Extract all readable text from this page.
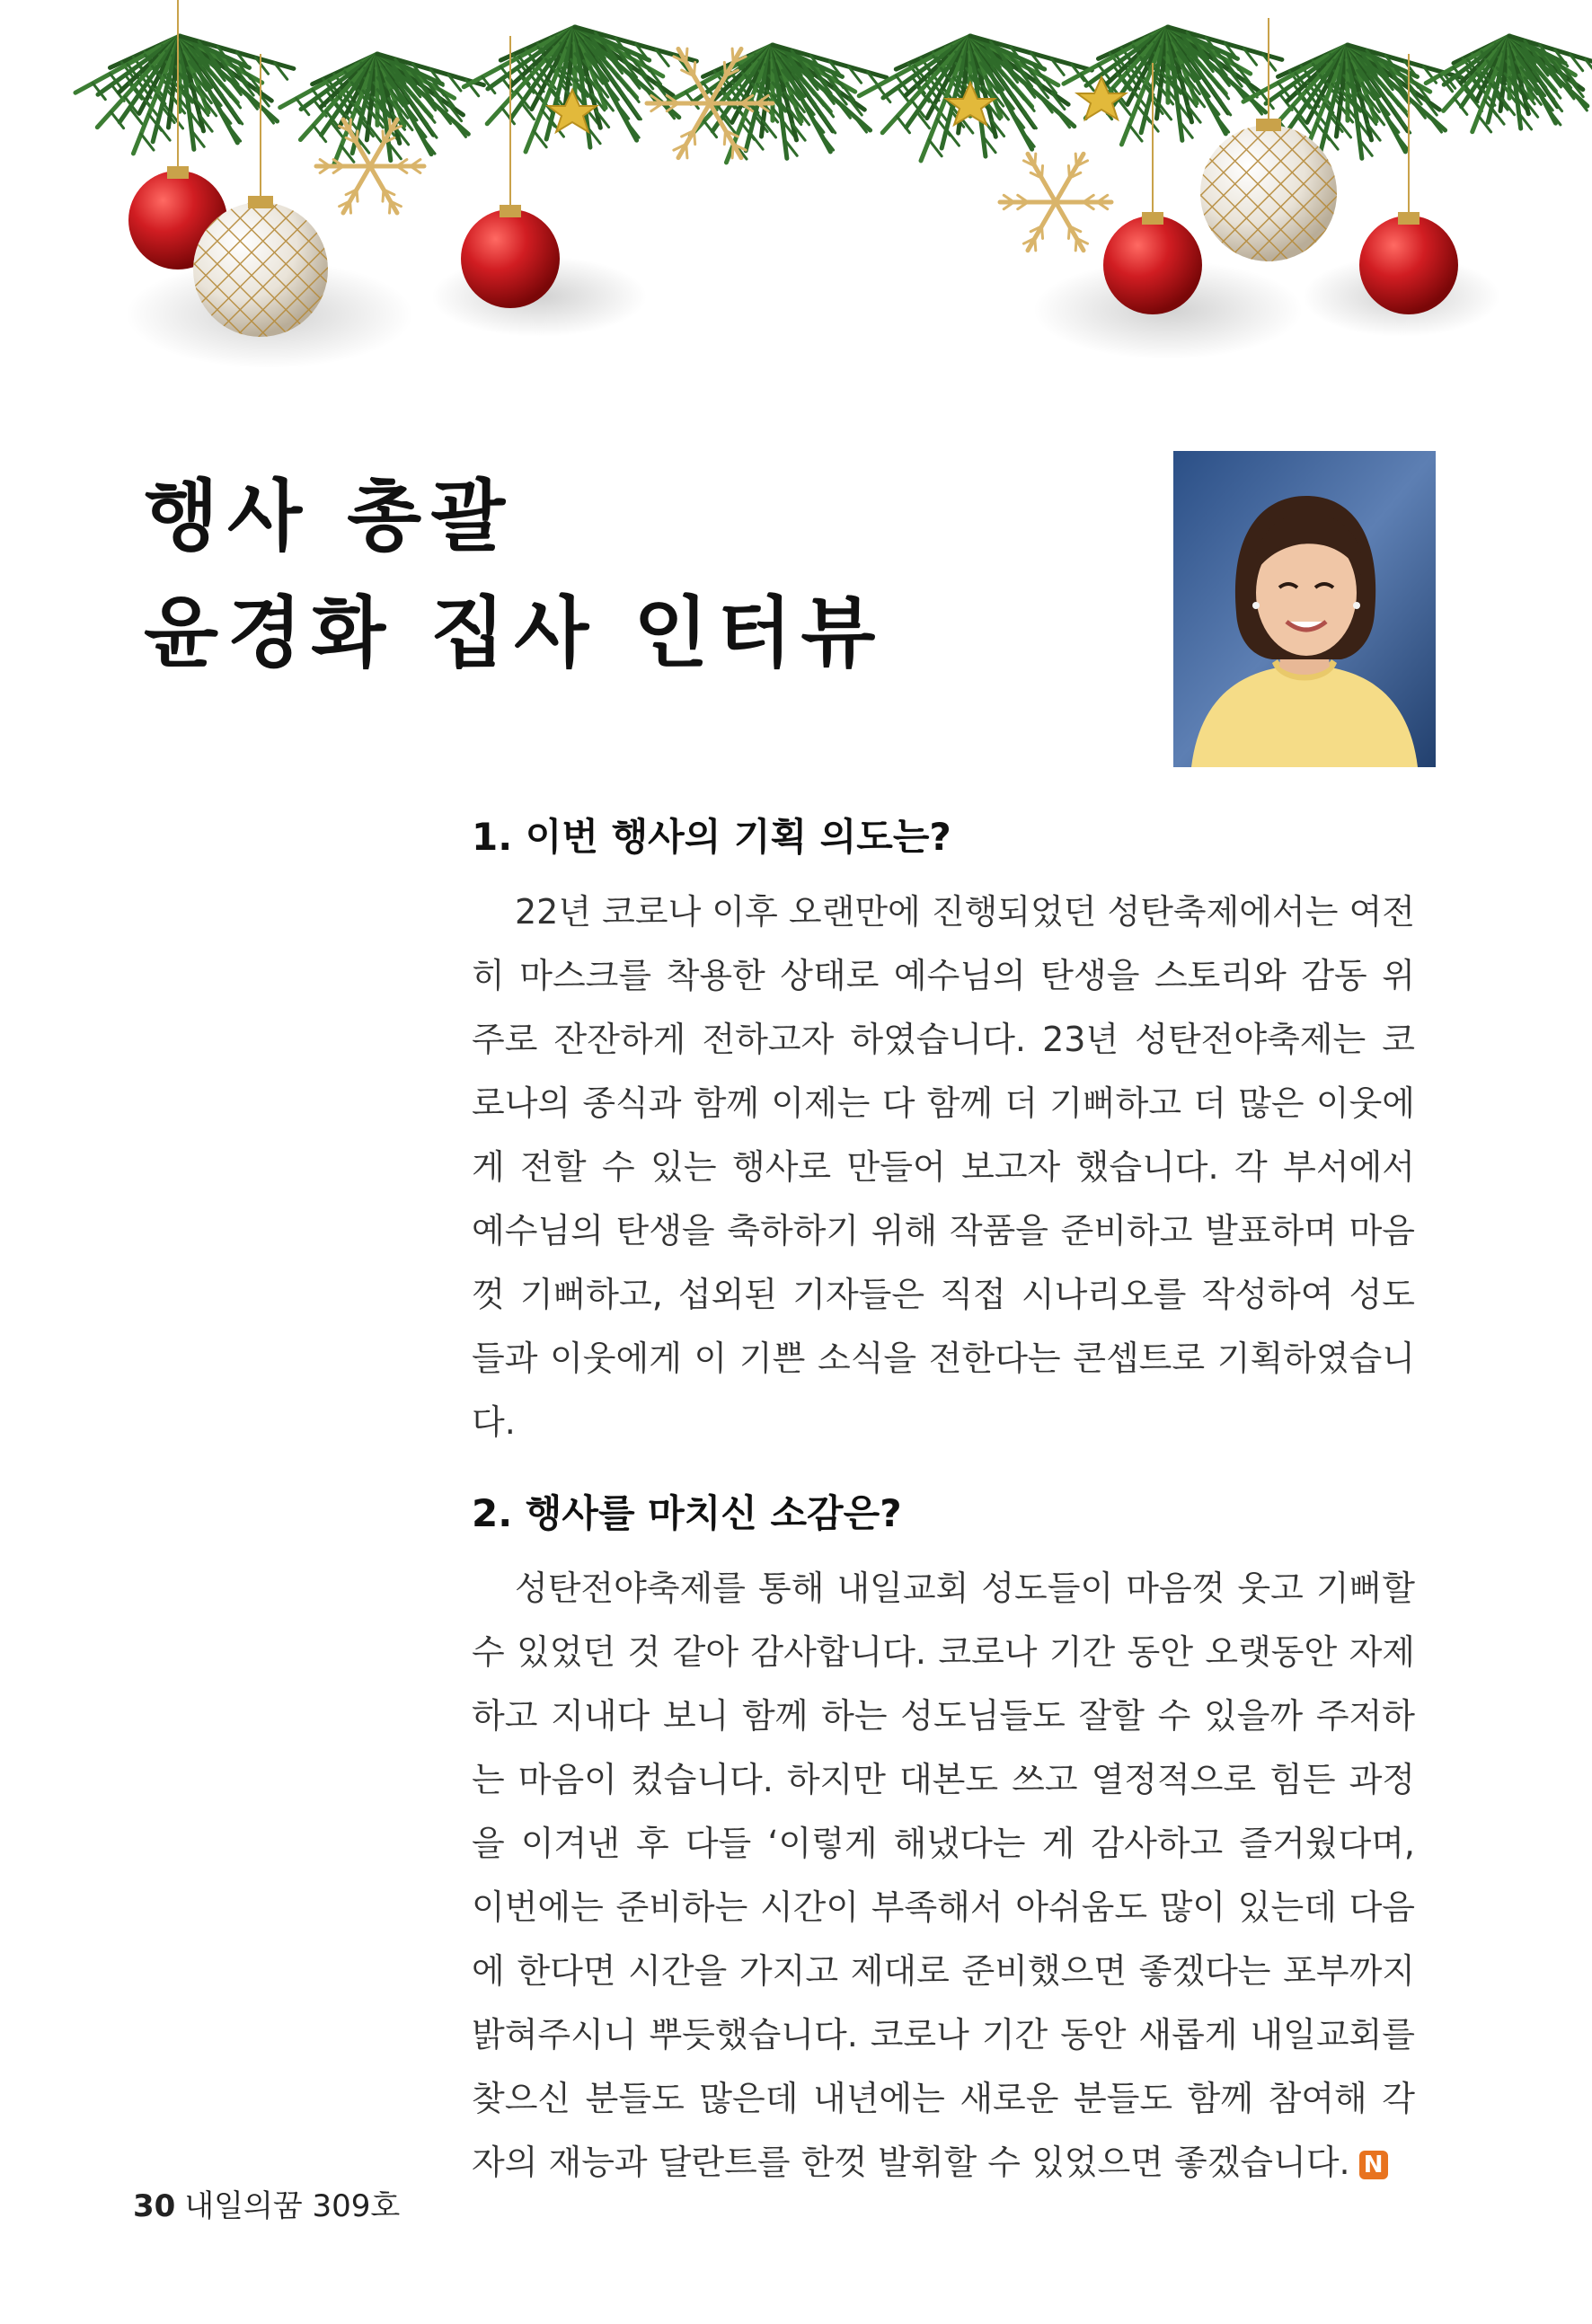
행사 총괄
윤경화 집사 인터뷰
1. 이번 행사의 기획 의도는?

22년 코로나 이후 오랜만에 진행되었던 성탄축제에서는 여전히 마스크를 착용한 상태로 예수님의 탄생을 스토리와 감동 위주로 잔잔하게 전하고자 하였습니다. 23년 성탄전야축제는 코로나의 종식과 함께 이제는 다 함께 더 기뻐하고 더 많은 이웃에게 전할 수 있는 행사로 만들어 보고자 했습니다. 각 부서에서 예수님의 탄생을 축하하기 위해 작품을 준비하고 발표하며 마음껏 기뻐하고, 섭외된 기자들은 직접 시나리오를 작성하여 성도들과 이웃에게 이 기쁜 소식을 전한다는 콘셉트로 기획하였습니다.

2. 행사를 마치신 소감은?

성탄전야축제를 통해 내일교회 성도들이 마음껏 웃고 기뻐할 수 있었던 것 같아 감사합니다. 코로나 기간 동안 오랫동안 자제하고 지내다 보니 함께 하는 성도님들도 잘할 수 있을까 주저하는 마음이 컸습니다. 하지만 대본도 쓰고 열정적으로 힘든 과정을 이겨낸 후 다들 ‘이렇게 해냈다는 게 감사하고 즐거웠다며, 이번에는 준비하는 시간이 부족해서 아쉬움도 많이 있는데 다음에 한다면 시간을 가지고 제대로 준비했으면 좋겠다는 포부까지 밝혀주시니 뿌듯했습니다. 코로나 기간 동안 새롭게 내일교회를 찾으신 분들도 많은데 내년에는 새로운 분들도 함께 참여해 각자의 재능과 달란트를 한껏 발휘할 수 있었으면 좋겠습니다. N

30 내일의꿈 309호
